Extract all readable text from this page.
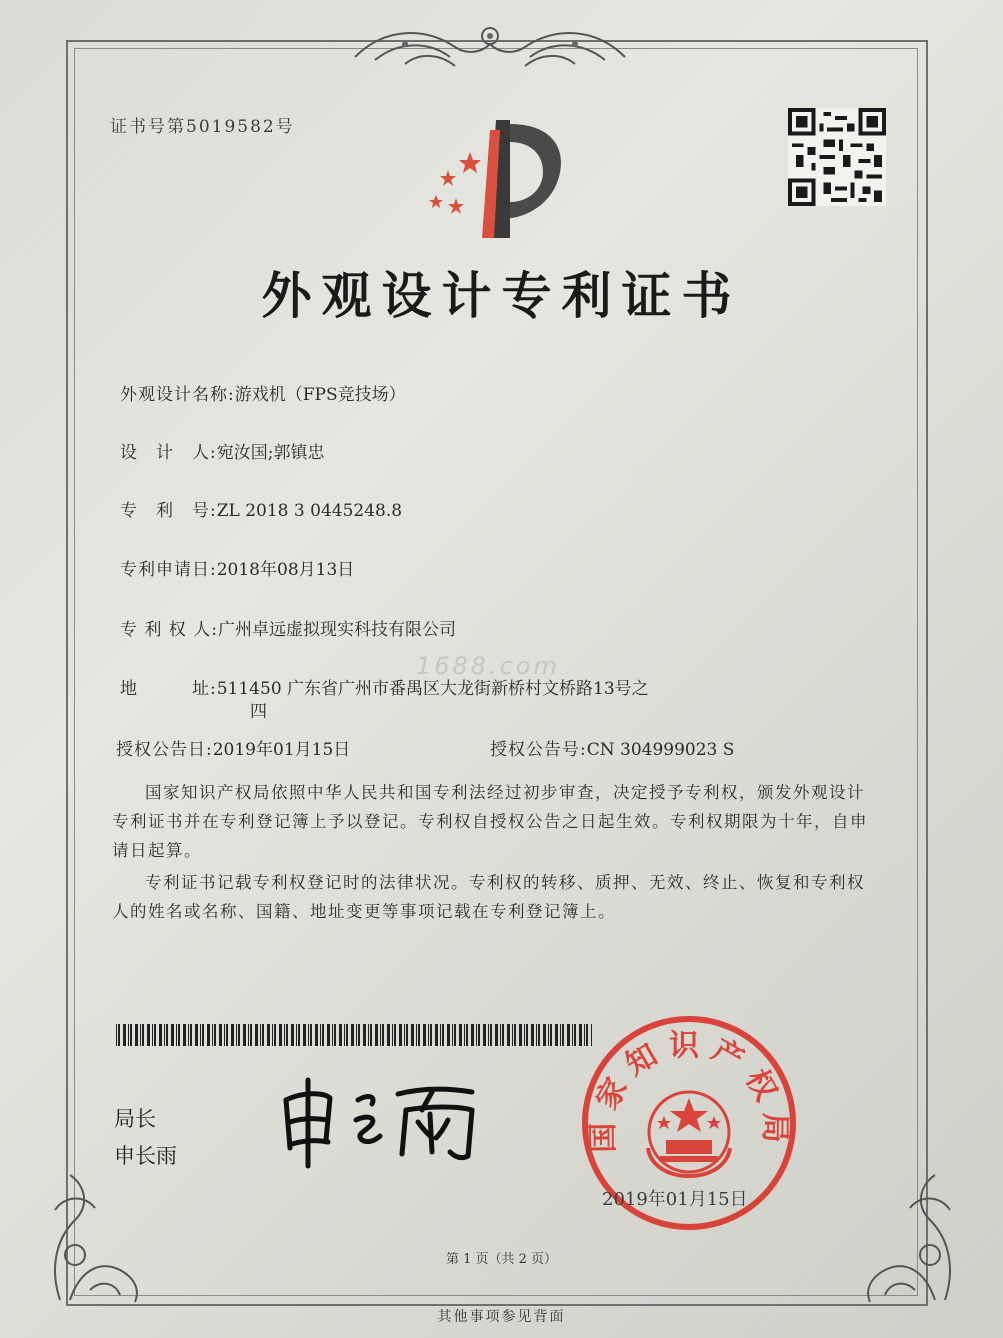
证书号第5019582号
外观设计专利证书
外观设计名称:游戏机（FPS竞技场）
设　计　人:宛汝国;郭镇忠
专　利　号:ZL 2018 3 0445248.8
专利申请日:2018年08月13日
专 利 权 人:广州卓远虚拟现实科技有限公司
地　　　址:511450 广东省广州市番禺区大龙街新桥村文桥路13号之
四
授权公告日:2019年01月15日	授权公告号:CN 304999023 S
1688.com
国家知识产权局依照中华人民共和国专利法经过初步审查，决定授予专利权，颁发外观设计专利证书并在专利登记簿上予以登记。专利权自授权公告之日起生效。专利权期限为十年，自申请日起算。
专利证书记载专利权登记时的法律状况。专利权的转移、质押、无效、终止、恢复和专利权人的姓名或名称、国籍、地址变更等事项记载在专利登记簿上。
局长
申长雨
国家知识产权局
2019年01月15日
第 1 页（共 2 页）
其他事项参见背面
